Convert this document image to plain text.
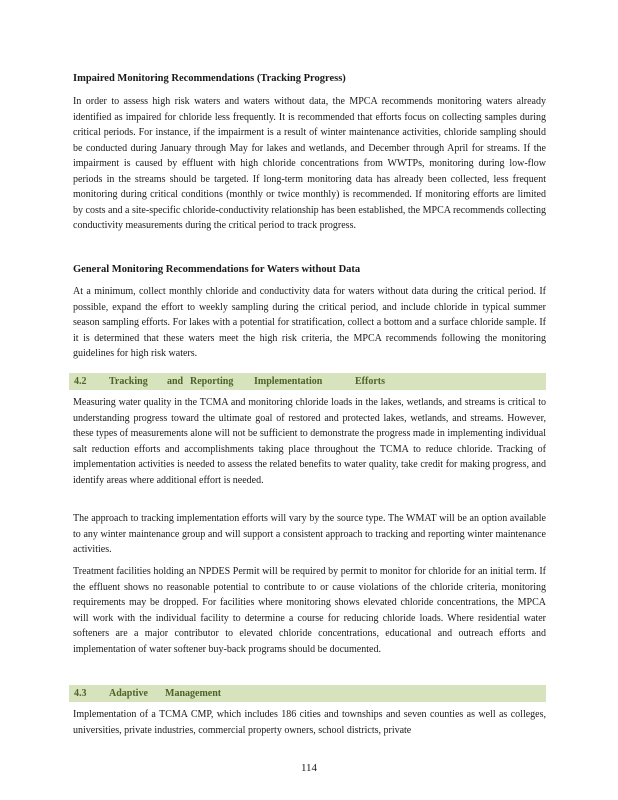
Impaired Monitoring Recommendations (Tracking Progress)

In order to assess high risk waters and waters without data, the MPCA recommends monitoring waters already identified as impaired for chloride less frequently. It is recommended that efforts focus on collecting samples during critical periods. For instance, if the impairment is a result of winter maintenance activities, chloride sampling should be conducted during January through May for lakes and wetlands, and December through April for streams. If the impairment is caused by effluent with high chloride concentrations from WWTPs, monitoring during low-flow periods in the streams should be targeted. If long-term monitoring data has already been collected, less frequent monitoring during critical conditions (monthly or twice monthly) is recommended. If monitoring efforts are limited by costs and a site-specific chloride-conductivity relationship has been established, the MPCA recommends collecting conductivity measurements during the critical period to track progress.

General Monitoring Recommendations for Waters without Data

At a minimum, collect monthly chloride and conductivity data for waters without data during the critical period. If possible, expand the effort to weekly sampling during the critical period, and include chloride in typical summer season sampling efforts. For lakes with a potential for stratification, collect a bottom and a surface chloride sample. If it is determined that these waters meet the high risk criteria, the MPCA recommends following the monitoring guidelines for high risk waters.

4.2 Tracking and Reporting Implementation	Efforts

Measuring water quality in the TCMA and monitoring chloride loads in the lakes, wetlands, and streams is critical to understanding progress toward the ultimate goal of restored and protected lakes, wetlands, and streams. However, these types of measurements alone will not be sufficient to demonstrate the progress made in implementing individual salt reduction efforts and accomplishments taking place throughout the TCMA to reduce chloride. Tracking of implementation activities is needed to assess the related benefits to water quality, take credit for making progress, and identify areas where additional effort is needed.

The approach to tracking implementation efforts will vary by the source type. The WMAT will be an option available to any winter maintenance group and will support a consistent approach to tracking and reporting winter maintenance activities.

Treatment facilities holding an NPDES Permit will be required by permit to monitor for chloride for an initial term. If the effluent shows no reasonable potential to contribute to or cause violations of the chloride criteria, monitoring requirements may be dropped. For facilities where monitoring shows elevated chloride concentrations, the MPCA will work with the individual facility to determine a course for reducing chloride loads. Where residential water softeners are a major contributor to elevated chloride concentrations, educational and outreach efforts and implementation of water softener buy-back programs should be documented.

4.3 Adaptive Management

Implementation of a TCMA CMP, which includes 186 cities and townships and seven counties as well as colleges, universities, private industries, commercial property owners, school districts, private

114
